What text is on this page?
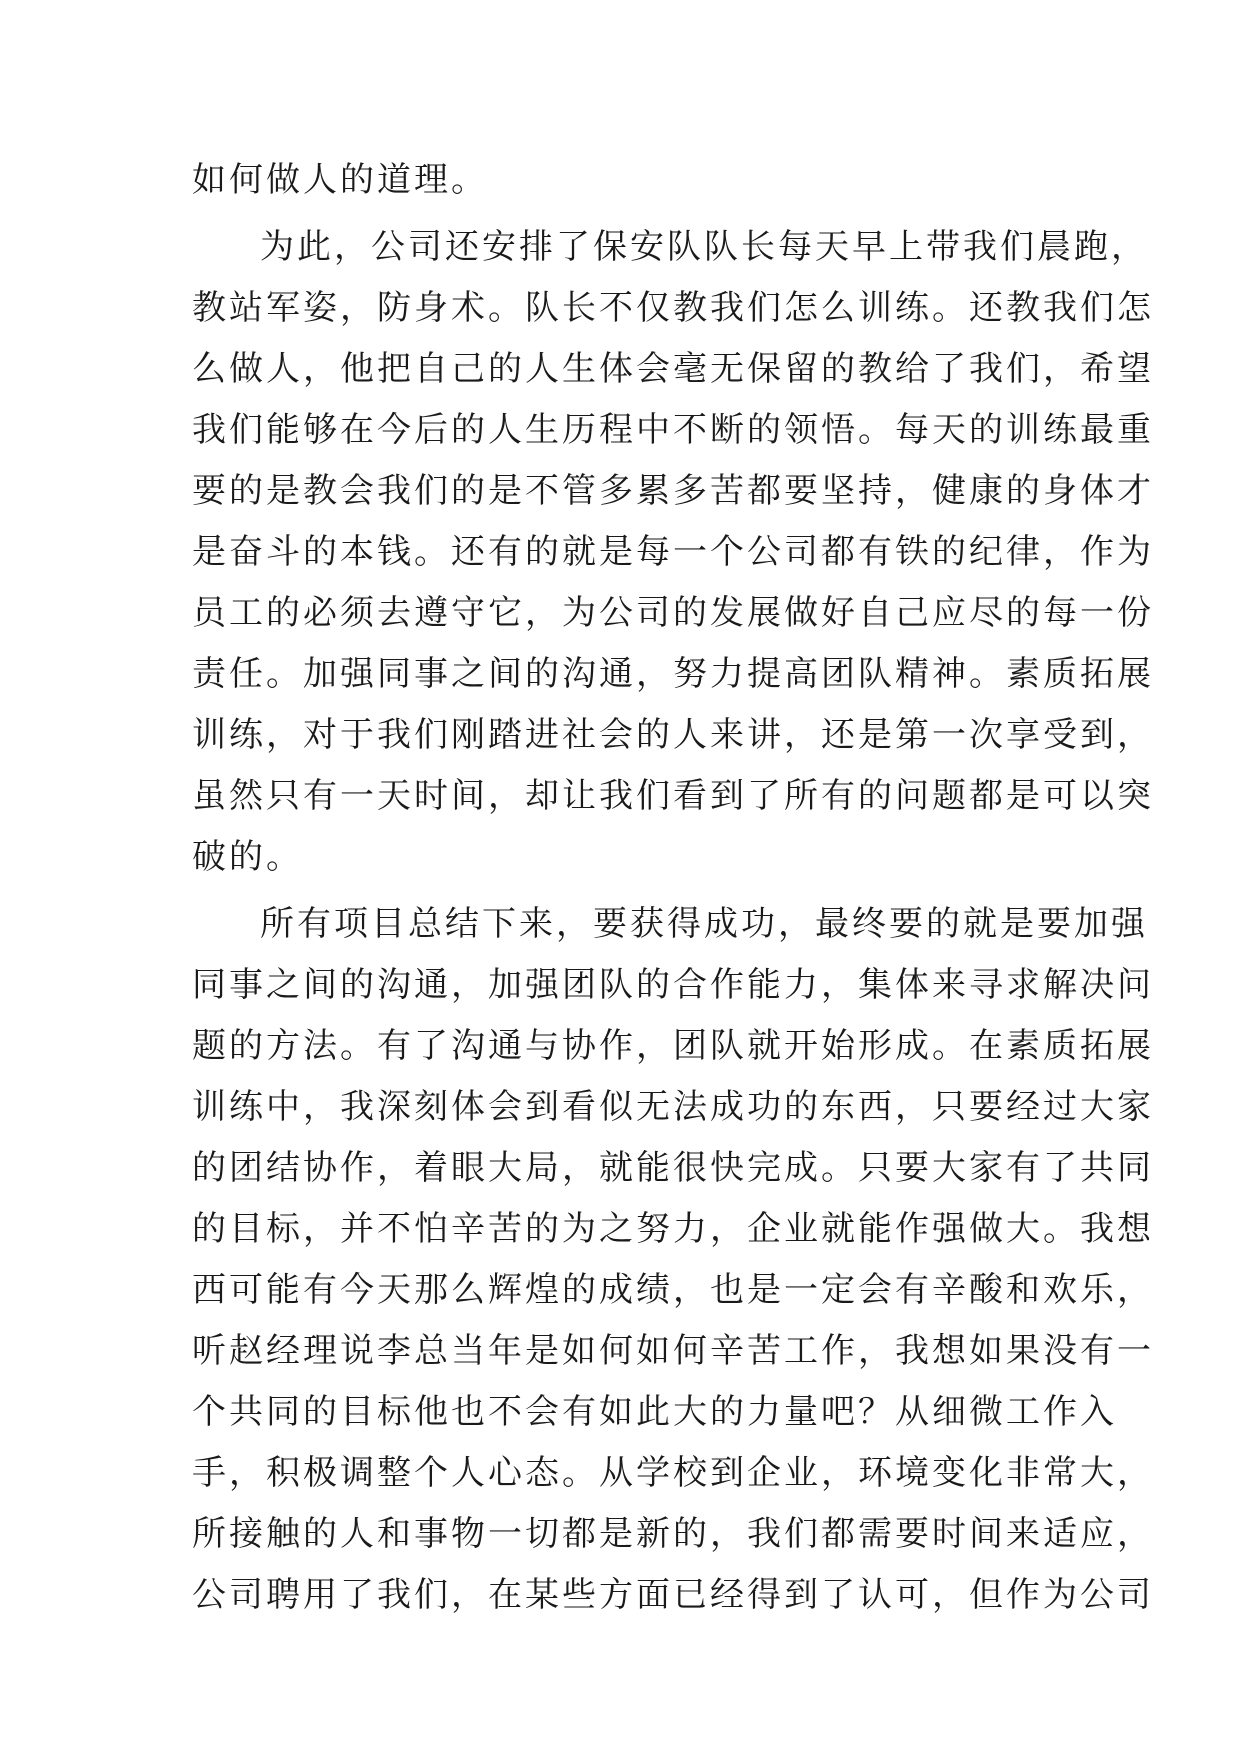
如何做人的道理。
为此，公司还安排了保安队队长每天早上带我们晨跑，
教站军姿，防身术。队长不仅教我们怎么训练。还教我们怎
么做人，他把自己的人生体会毫无保留的教给了我们，希望
我们能够在今后的人生历程中不断的领悟。每天的训练最重
要的是教会我们的是不管多累多苦都要坚持，健康的身体才
是奋斗的本钱。还有的就是每一个公司都有铁的纪律，作为
员工的必须去遵守它，为公司的发展做好自己应尽的每一份
责任。加强同事之间的沟通，努力提高团队精神。素质拓展
训练，对于我们刚踏进社会的人来讲，还是第一次享受到，
虽然只有一天时间，却让我们看到了所有的问题都是可以突
破的。
所有项目总结下来，要获得成功，最终要的就是要加强
同事之间的沟通，加强团队的合作能力，集体来寻求解决问
题的方法。有了沟通与协作，团队就开始形成。在素质拓展
训练中，我深刻体会到看似无法成功的东西，只要经过大家
的团结协作，着眼大局，就能很快完成。只要大家有了共同
的目标，并不怕辛苦的为之努力，企业就能作强做大。我想
西可能有今天那么辉煌的成绩，也是一定会有辛酸和欢乐，
听赵经理说李总当年是如何如何辛苦工作，我想如果没有一
个共同的目标他也不会有如此大的力量吧？从细微工作入
手，积极调整个人心态。从学校到企业，环境变化非常大，
所接触的人和事物一切都是新的，我们都需要时间来适应，
公司聘用了我们，在某些方面已经得到了认可，但作为公司
